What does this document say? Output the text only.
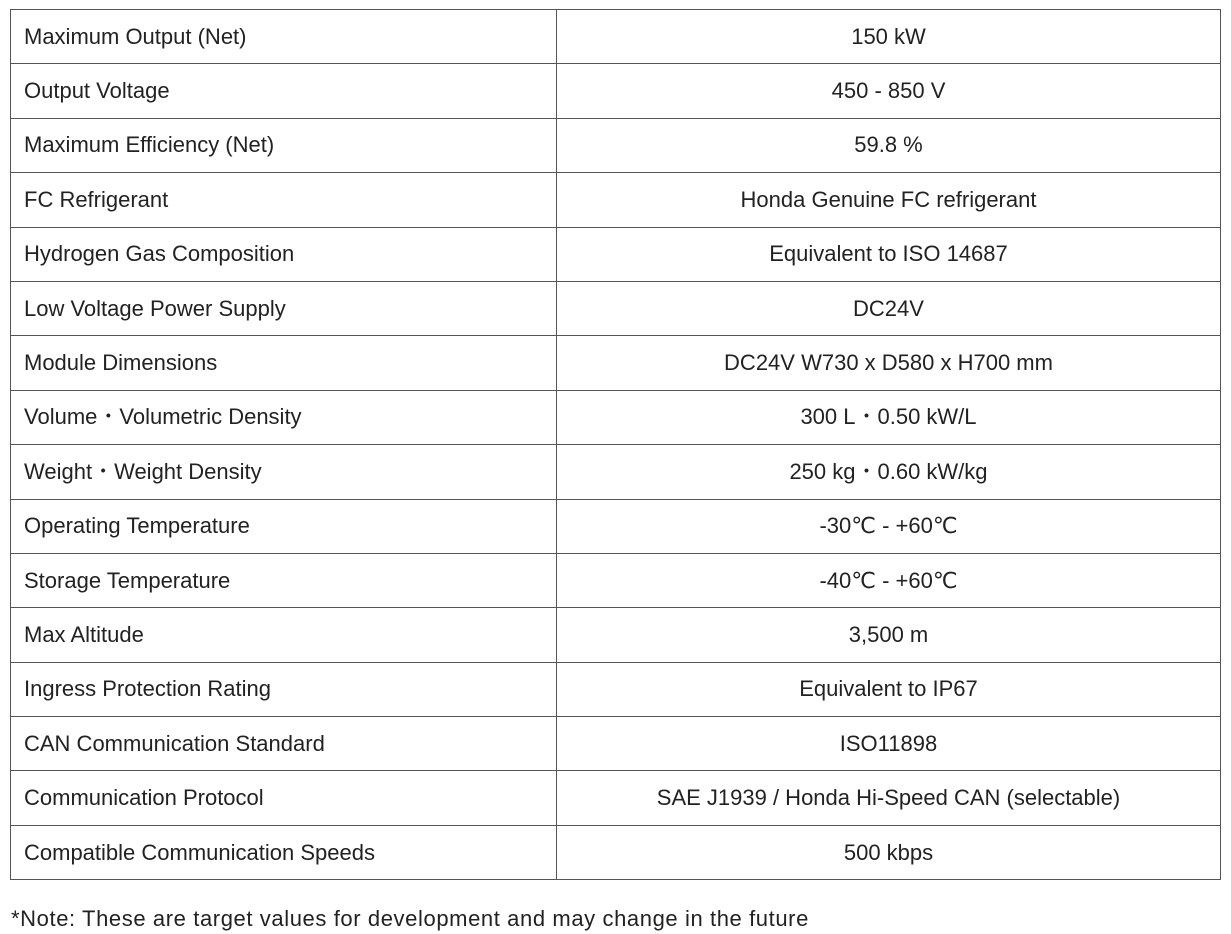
Maximum Output (Net)	150 kW
Output Voltage	450 - 850 V
Maximum Efficiency (Net)	59.8 %
FC Refrigerant	Honda Genuine FC refrigerant
Hydrogen Gas Composition	Equivalent to ISO 14687
Low Voltage Power Supply	DC24V
Module Dimensions	DC24V W730 x D580 x H700 mm
Volume・Volumetric Density	300 L・0.50 kW/L
Weight・Weight Density	250 kg・0.60 kW/kg
Operating Temperature	-30℃ - +60℃
Storage Temperature	-40℃ - +60℃
Max Altitude	3,500 m
Ingress Protection Rating	Equivalent to IP67
CAN Communication Standard	ISO11898
Communication Protocol	SAE J1939 / Honda Hi-Speed CAN (selectable)
Compatible Communication Speeds	500 kbps
*Note: These are target values for development and may change in the future
